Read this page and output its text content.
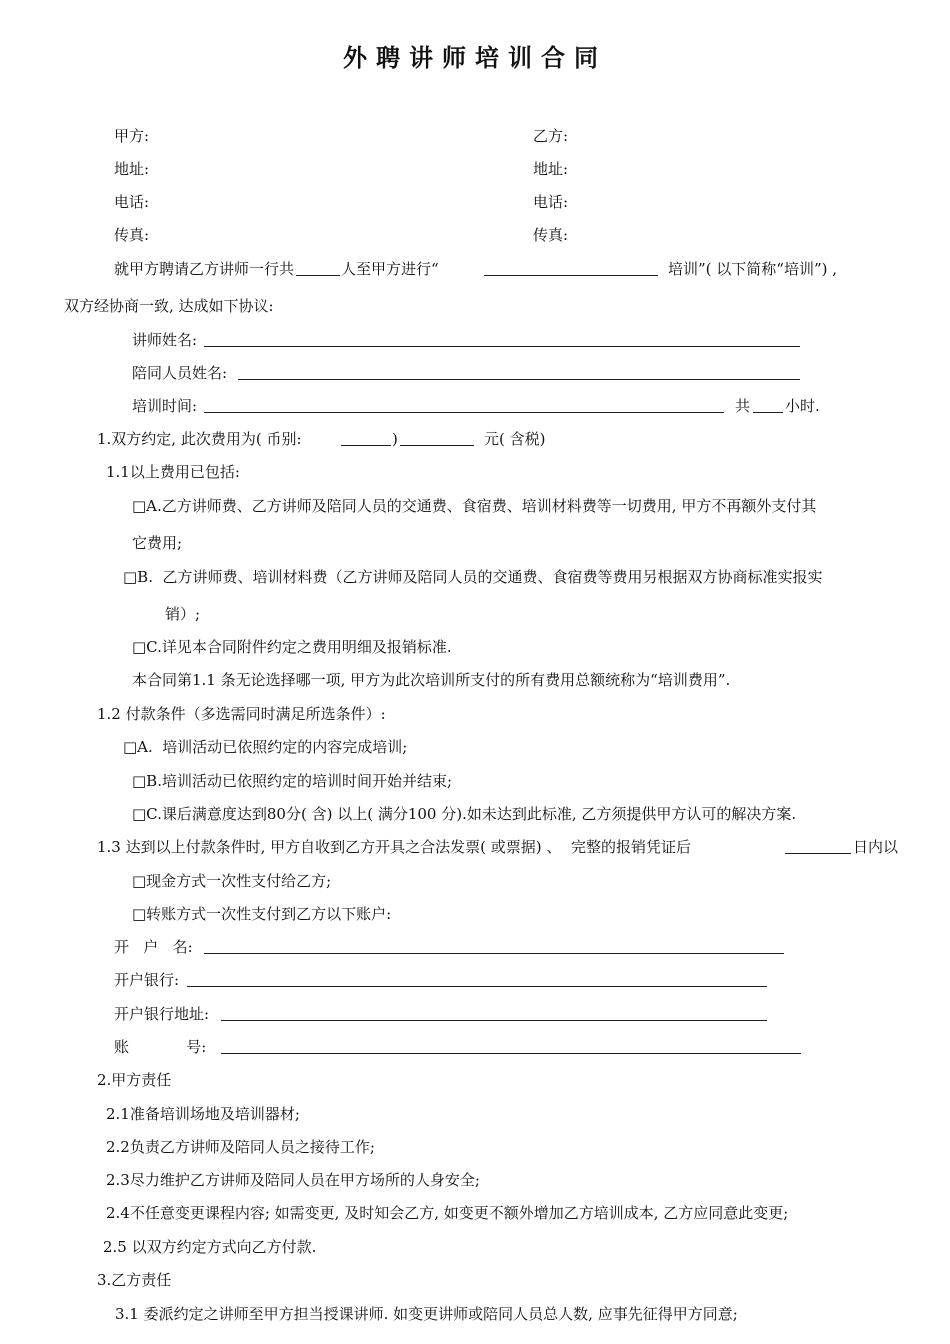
外聘讲师培训合同
甲方:	乙方:
地址:	地址:
电话:	电话:
传真:	传真:
就甲方聘请乙方讲师一行共	人至甲方进行“	培训”( 以下简称“培训”) ,
双方经协商一致, 达成如下协议:
讲师姓名:
陪同人员姓名:
培训时间:	共 小时.
1.双方约定, 此次费用为( 币别:	)	元( 含税)
1.1以上费用已包括:
□A.乙方讲师费、乙方讲师及陪同人员的交通费、食宿费、培训材料费等一切费用, 甲方不再额外支付其
它费用;
□B.  乙方讲师费、培训材料费（乙方讲师及陪同人员的交通费、食宿费等费用另根据双方协商标准实报实
销）;
□C.详见本合同附件约定之费用明细及报销标准.
本合同第1.1 条无论选择哪一项, 甲方为此次培训所支付的所有费用总额统称为“培训费用”.
1.2 付款条件（多选需同时满足所选条件）:
□A.  培训活动已依照约定的内容完成培训;
□B.培训活动已依照约定的培训时间开始并结束;
□C.课后满意度达到80分( 含) 以上( 满分100 分).如未达到此标准, 乙方须提供甲方认可的解决方案.
1.3 达到以上付款条件时, 甲方自收到乙方开具之合法发票( 或票据) 、  完整的报销凭证后	日内以
□现金方式一次性支付给乙方;
□转账方式一次性支付到乙方以下账户:
开   户   名:
开户银行:
开户银行地址:
账            号:
2.甲方责任
2.1准备培训场地及培训器材;
2.2负责乙方讲师及陪同人员之接待工作;
2.3尽力维护乙方讲师及陪同人员在甲方场所的人身安全;
2.4不任意变更课程内容; 如需变更, 及时知会乙方, 如变更不额外增加乙方培训成本, 乙方应同意此变更;
2.5 以双方约定方式向乙方付款.
3.乙方责任
3.1 委派约定之讲师至甲方担当授课讲师. 如变更讲师或陪同人员总人数, 应事先征得甲方同意;
